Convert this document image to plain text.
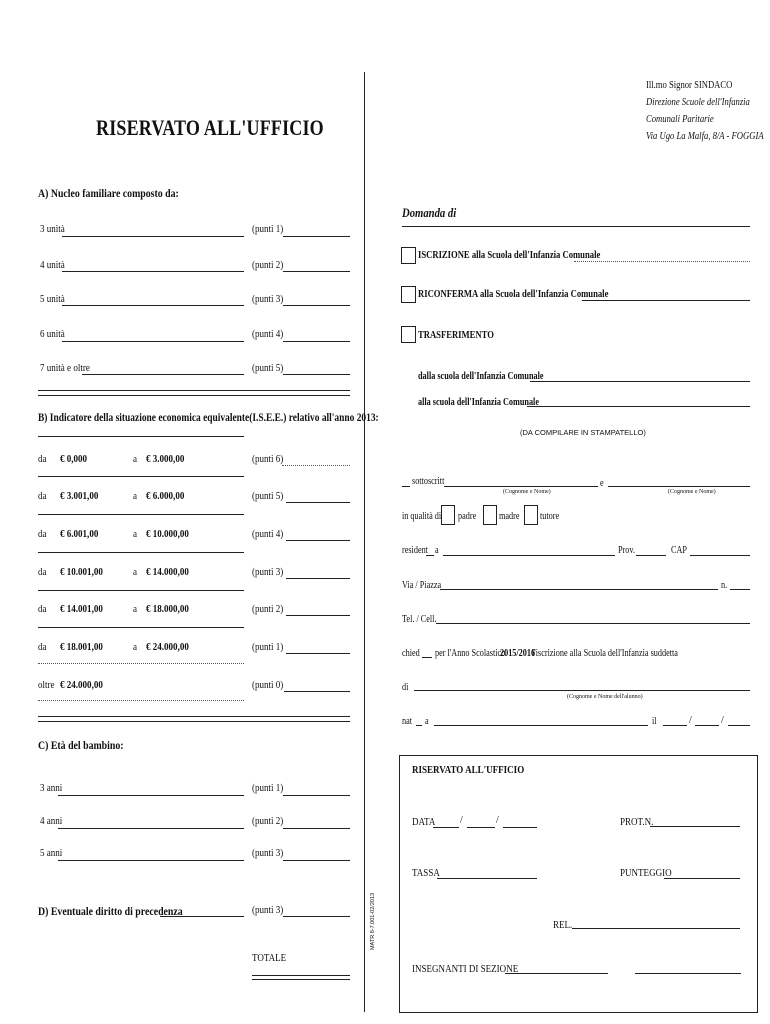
RISERVATO ALL'UFFICIO
A) Nucleo familiare composto da:
3 unità	(punti 1)
4 unità	(punti 2)
5 unità	(punti 3)
6 unità	(punti 4)
7 unità e oltre	(punti 5)
B) Indicatore della situazione economica equivalente(I.S.E.E.) relativo all'anno 2013:
da € 0,000	a € 3.000,00	(punti 6)
da € 3.001,00	a € 6.000,00	(punti 5)
da € 6.001,00	a € 10.000,00	(punti 4)
da € 10.001,00	a € 14.000,00	(punti 3)
da € 14.001,00	a € 18.000,00	(punti 2)
da € 18.001,00	a € 24.000,00	(punti 1)
oltre € 24.000,00	(punti 0)
C) Età del bambino:
3 anni	(punti 1)
4 anni	(punti 2)
5 anni	(punti 3)
D) Eventuale diritto di precedenza	(punti 3)
TOTALE
MATR.8-7.001-02/2013
Ill.mo Signor SINDACO
Direzione Scuole dell'Infanzia
Comunali Paritarie
Via Ugo La Malfa, 8/A - FOGGIA
Domanda di
ISCRIZIONE alla Scuola dell'Infanzia Comunale
RICONFERMA alla Scuola dell'Infanzia Comunale
TRASFERIMENTO
dalla scuola dell'Infanzia Comunale
alla scuola dell'Infanzia Comunale
(DA COMPILARE IN STAMPATELLO)
sottoscritt	e
(Cognome e Nome)	(Cognome e Nome)
in qualità di padre madre tutore
resident a	Prov.	CAP
Via / Piazza	n.
Tel. / Cell.
chied per l'Anno Scolastico
2015/2016
l'iscrizione alla Scuola dell'Infanzia suddetta
di
(Cognome e Nome dell'alunno)
nat a	il	/	/
RISERVATO ALL'UFFICIO
DATA /	/	PROT.N.
TASSA	PUNTEGGIO
REL.
INSEGNANTI DI SEZIONE
